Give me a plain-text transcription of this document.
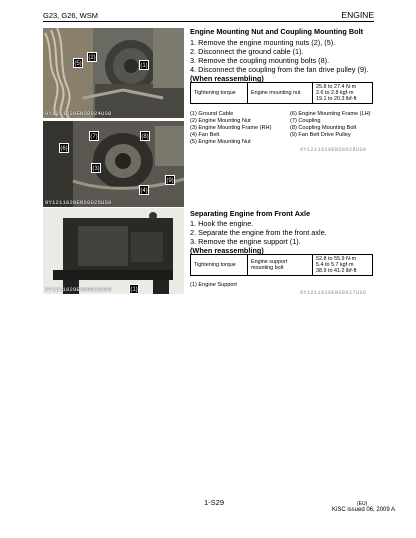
G23, G26, WSM	ENGINE
(2)
(5)	(1)
9Y1211029ENS0024US0
(6)
(7)	(8)
(3)
(9)
(4)
9Y1211029ENS0025US0
(1)
9Y1211029ENS0026US0
Engine Mounting Nut and Coupling Mounting Bolt
1. Remove the engine mounting nuts (2), (5).
2. Disconnect the ground cable (1).
3. Remove the coupling mounting bolts (8).
4. Disconnect the coupling from the fan drive pulley (9).
(When reassembling)
Tightening torque	Engine mounting nut	
25.8 to 27.4 N·m
2.6 to 2.8 kgf·m
19.1 to 20.3 lbf·ft
(1) Ground Cable
(2) Engine Mounting Nut
(3) Engine Mounting Frame (RH)
(4) Fan Belt
(5) Engine Mounting Nut
(6) Engine Mounting Frame (LH)
(7) Coupling
(8) Coupling Mounting Bolt
(9) Fan Belt Drive Pulley
9Y1211029ENS0028US0
Separating Engine from Front Axle
1. Hook the engine.
2. Separate the engine from the front axle.
3. Remove the engine support (1).
(When reassembling)
Tightening torque	Engine support mounting bolt	
52.8 to 55.9 N·m
5.4 to 5.7 kgf·m
38.9 to 41.2 lbf·ft
(1) Engine Support
9Y1211029ENS0027US0
1-S29	(EU)
KiSC issued 06, 2009 A
